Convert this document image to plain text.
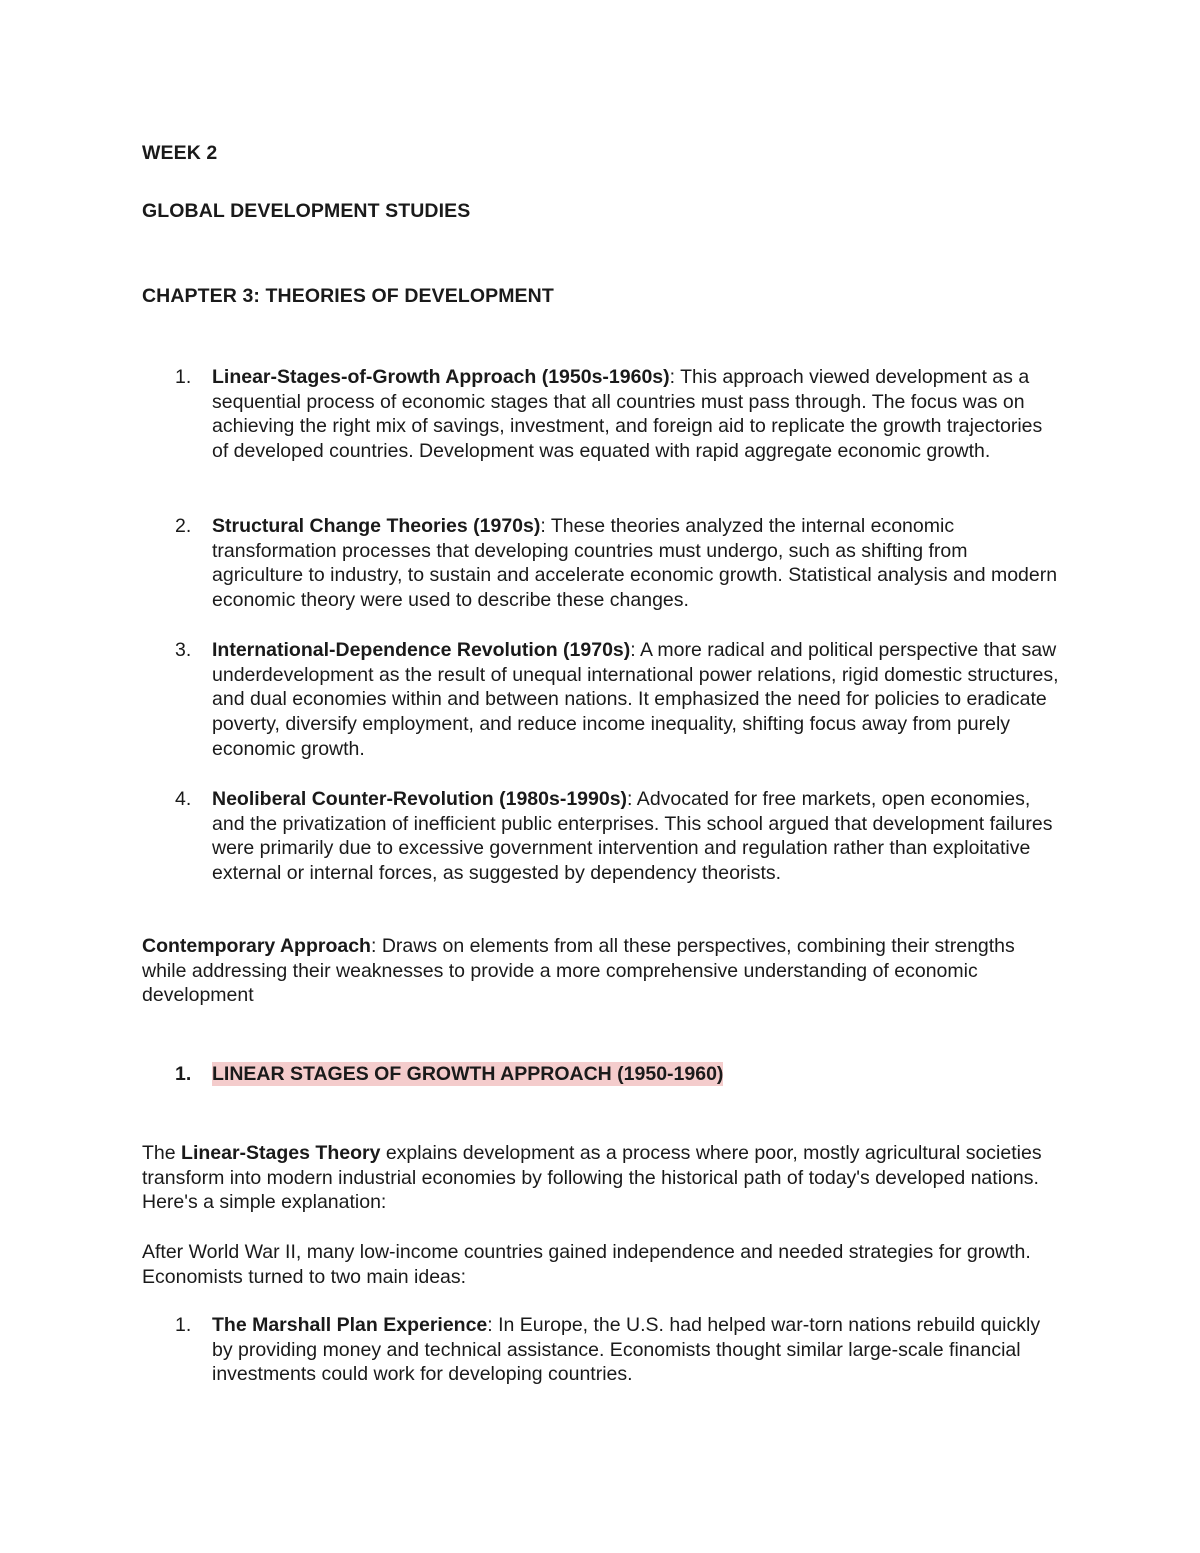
WEEK 2

GLOBAL DEVELOPMENT STUDIES

CHAPTER 3: THEORIES OF DEVELOPMENT

1. Linear-Stages-of-Growth Approach (1950s-1960s): This approach viewed development as a sequential process of economic stages that all countries must pass through. The focus was on achieving the right mix of savings, investment, and foreign aid to replicate the growth trajectories of developed countries. Development was equated with rapid aggregate economic growth.
2. Structural Change Theories (1970s): These theories analyzed the internal economic transformation processes that developing countries must undergo, such as shifting from agriculture to industry, to sustain and accelerate economic growth. Statistical analysis and modern economic theory were used to describe these changes.
3. International-Dependence Revolution (1970s): A more radical and political perspective that saw underdevelopment as the result of unequal international power relations, rigid domestic structures, and dual economies within and between nations. It emphasized the need for policies to eradicate poverty, diversify employment, and reduce income inequality, shifting focus away from purely economic growth.
4. Neoliberal Counter-Revolution (1980s-1990s): Advocated for free markets, open economies, and the privatization of inefficient public enterprises. This school argued that development failures were primarily due to excessive government intervention and regulation rather than exploitative external or internal forces, as suggested by dependency theorists.
Contemporary Approach: Draws on elements from all these perspectives, combining their strengths while addressing their weaknesses to provide a more comprehensive understanding of economic development
1. LINEAR STAGES OF GROWTH APPROACH (1950-1960)
The Linear-Stages Theory explains development as a process where poor, mostly agricultural societies transform into modern industrial economies by following the historical path of today's developed nations. Here's a simple explanation:
After World War II, many low-income countries gained independence and needed strategies for growth. Economists turned to two main ideas:
1. The Marshall Plan Experience: In Europe, the U.S. had helped war-torn nations rebuild quickly by providing money and technical assistance. Economists thought similar large-scale financial investments could work for developing countries.
